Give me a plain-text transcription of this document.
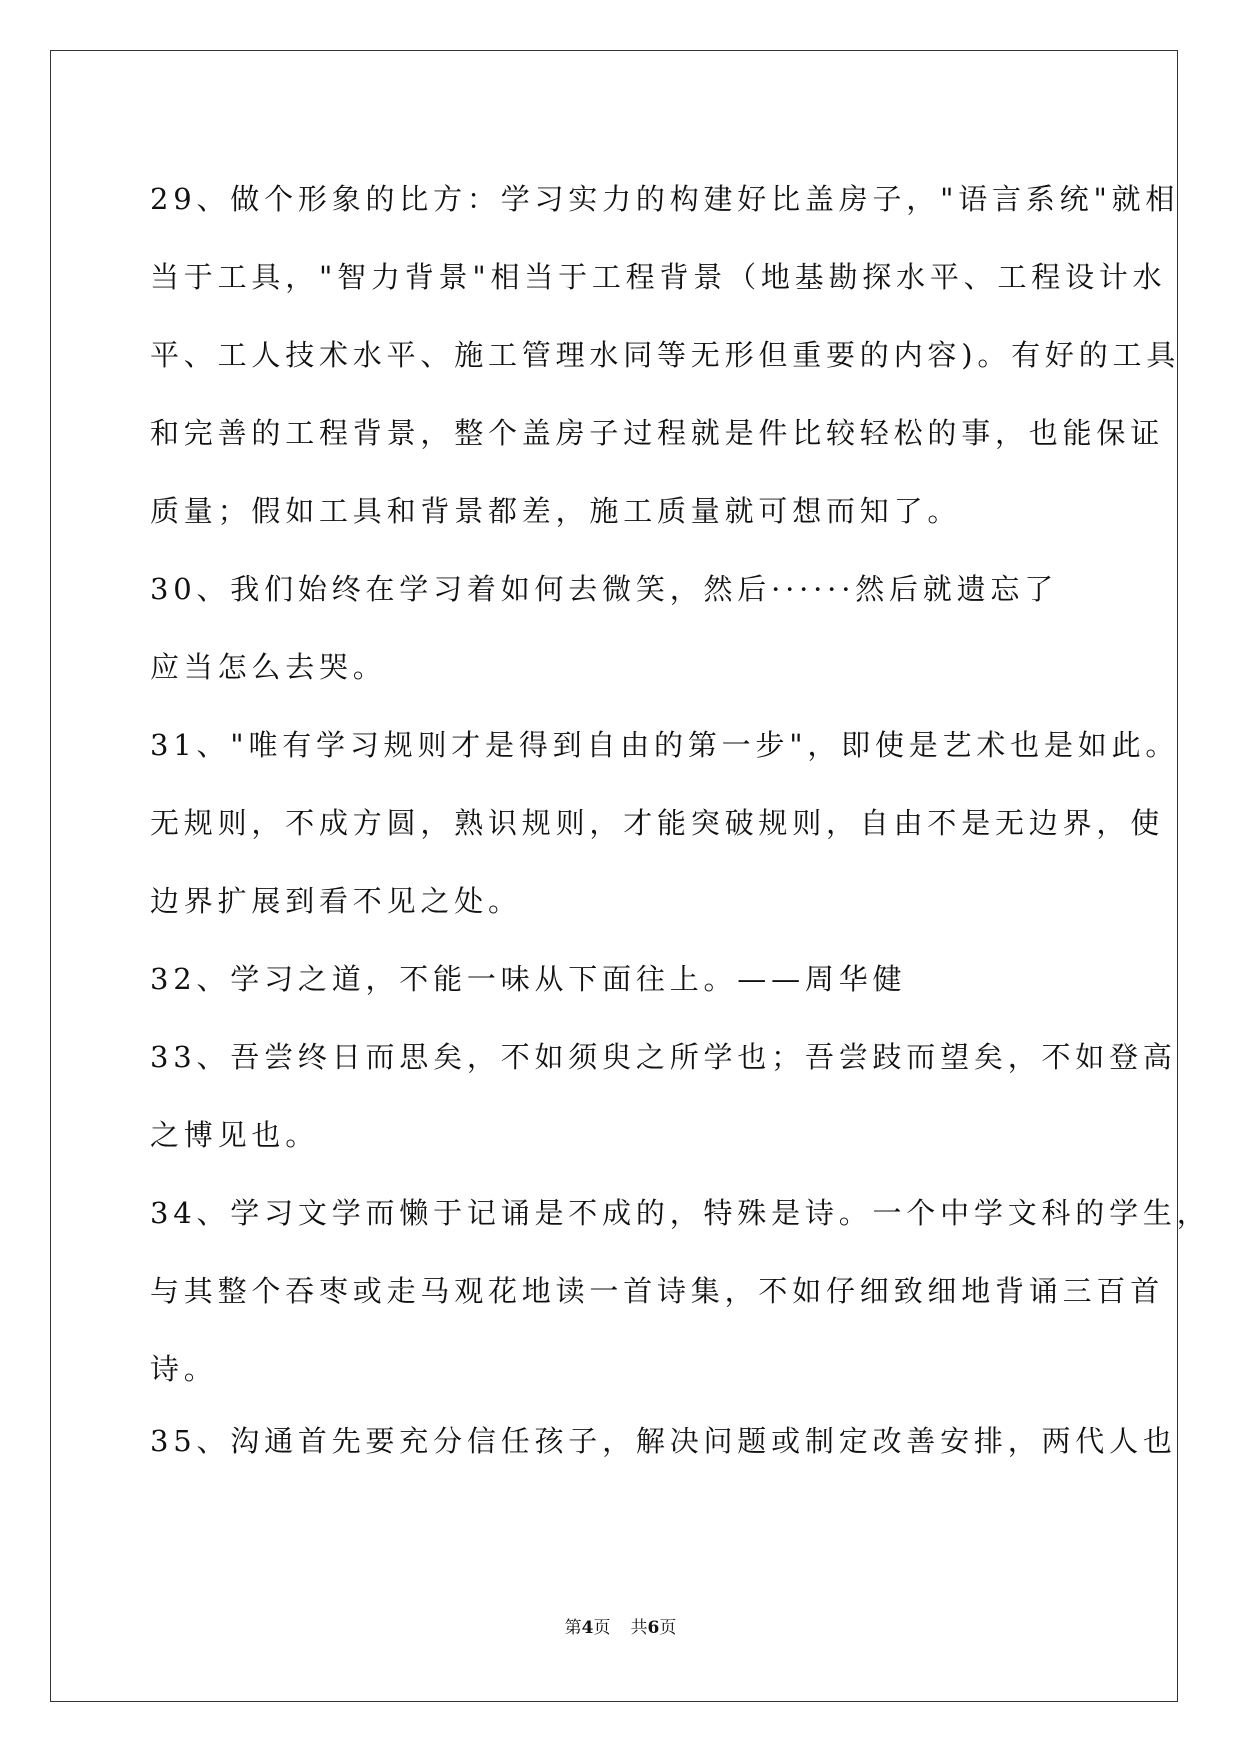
29、做个形象的比方：学习实力的构建好比盖房子，"语言系统"就相
当于工具，"智力背景"相当于工程背景（地基勘探水平、工程设计水
平、工人技术水平、施工管理水同等无形但重要的内容)。有好的工具
和完善的工程背景，整个盖房子过程就是件比较轻松的事，也能保证
质量；假如工具和背景都差，施工质量就可想而知了。
30、我们始终在学习着如何去微笑，然后······然后就遗忘了
应当怎么去哭。
31、"唯有学习规则才是得到自由的第一步"，即使是艺术也是如此。
无规则，不成方圆，熟识规则，才能突破规则，自由不是无边界，使
边界扩展到看不见之处。
32、学习之道，不能一味从下面往上。——周华健
33、吾尝终日而思矣，不如须臾之所学也；吾尝跂而望矣，不如登高
之博见也。
34、学习文学而懒于记诵是不成的，特殊是诗。一个中学文科的学生，
与其整个吞枣或走马观花地读一首诗集，不如仔细致细地背诵三百首
诗。
35、沟通首先要充分信任孩子，解决问题或制定改善安排，两代人也
第4页 共6页
